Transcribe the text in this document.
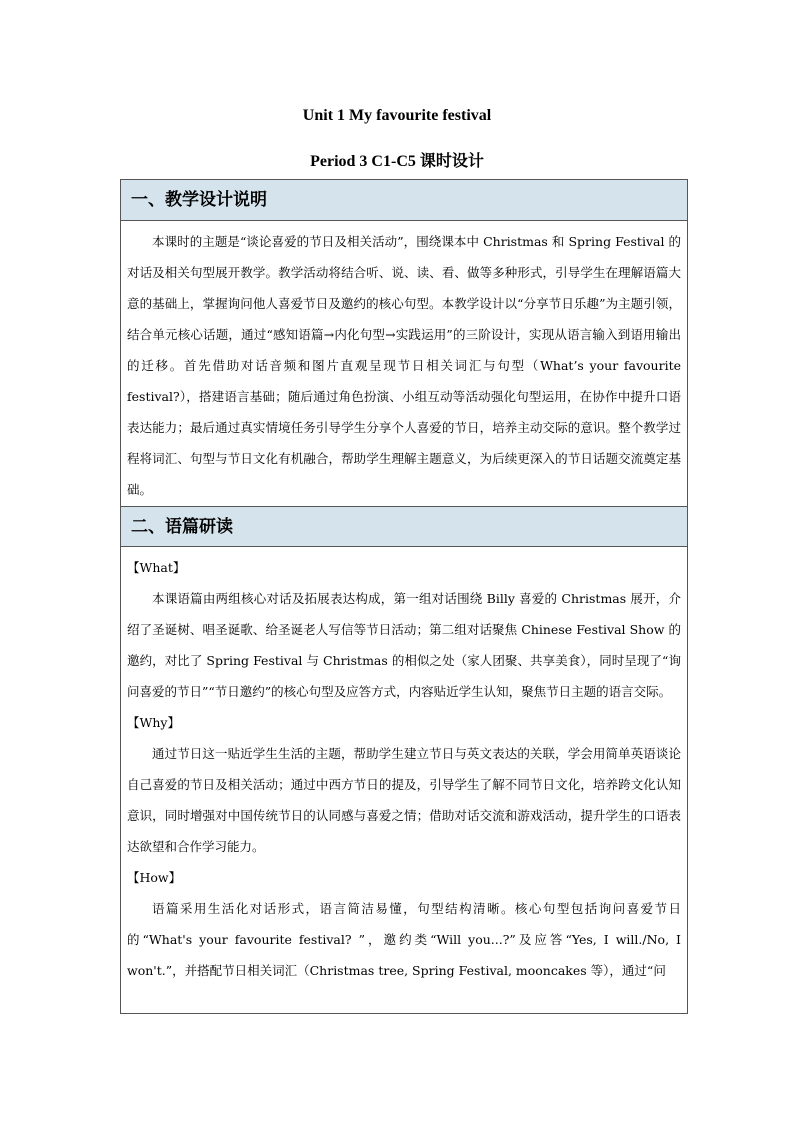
Unit 1 My favourite festival
Period 3 C1-C5 课时设计
一、教学设计说明

本课时的主题是“谈论喜爱的节日及相关活动”，围绕课本中 Christmas 和 Spring Festival 的对话及相关句型展开教学。教学活动将结合听、说、读、看、做等多种形式，引导学生在理解语篇大意的基础上，掌握询问他人喜爱节日及邀约的核心句型。本教学设计以“分享节日乐趣”为主题引领，结合单元核心话题，通过“感知语篇→内化句型→实践运用”的三阶设计，实现从语言输入到语用输出的迁移。首先借助对话音频和图片直观呈现节日相关词汇与句型（What’s your favourite festival?），搭建语言基础；随后通过角色扮演、小组互动等活动强化句型运用，在协作中提升口语表达能力；最后通过真实情境任务引导学生分享个人喜爱的节日，培养主动交际的意识。整个教学过程将词汇、句型与节日文化有机融合，帮助学生理解主题意义，为后续更深入的节日话题交流奠定基础。

二、语篇研读
【What】

本课语篇由两组核心对话及拓展表达构成，第一组对话围绕 Billy 喜爱的 Christmas 展开，介绍了圣诞树、唱圣诞歌、给圣诞老人写信等节日活动；第二组对话聚焦 Chinese Festival Show 的邀约，对比了 Spring Festival 与 Christmas 的相似之处（家人团聚、共享美食），同时呈现了“询问喜爱的节日”“节日邀约”的核心句型及应答方式，内容贴近学生认知，聚焦节日主题的语言交际。

【Why】

通过节日这一贴近学生生活的主题，帮助学生建立节日与英文表达的关联，学会用简单英语谈论自己喜爱的节日及相关活动；通过中西方节日的提及，引导学生了解不同节日文化，培养跨文化认知意识，同时增强对中国传统节日的认同感与喜爱之情；借助对话交流和游戏活动，提升学生的口语表达欲望和合作学习能力。

【How】

语篇采用生活化对话形式，语言简洁易懂，句型结构清晰。核心句型包括询问喜爱节日的“What's your favourite festival? ”，邀约类“Will you...?”及应答“Yes, I will./No, I won't.”，并搭配节日相关词汇（Christmas tree, Spring Festival, mooncakes 等），通过“问
